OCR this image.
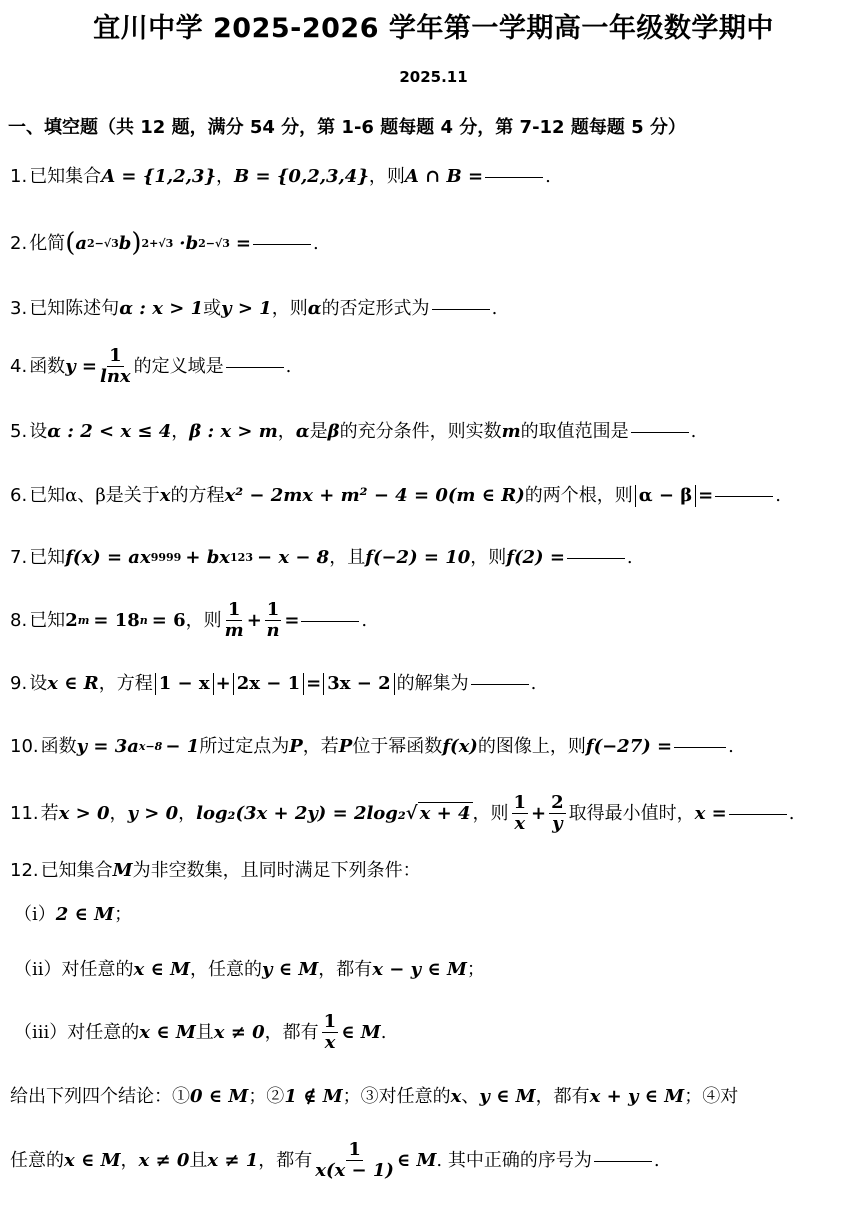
宜川中学 2025-2026 学年第一学期高一年级数学期中
2025.11
一、填空题（共 12 题，满分 54 分，第 1-6 题每题 4 分，第 7-12 题每题 5 分）
1. 已知集合 A = {1,2,3} ， B = {0,2,3,4} ，则 A ∩ B =	.
2. 化简 ( a 2−√3 b ) 2+√3 ·b 2−√3 =	.
3. 已知陈述句 α : x > 1 或 y > 1 ，则 α 的否定形式为	.
4. 函数 $y = \frac{1}{\ln x}$ 的定义域是	.
5. 设 α : 2 < x ≤ 4 ， β : x > m ， α 是 β 的充分条件，则实数 m 的取值范围是	.
6. 已知α、β是关于 x 的方程 x² − 2mx + m² − 4 = 0(m ∈ R) 的两个根，则 α − β =	.
7. 已知 f(x) = ax 9999 + bx 123 − x − 8 ，且 f(−2) = 10 ，则 f(2) =	.
8. 已知 2 m = 18 n = 6 ，则 $\frac{1}{m} + \frac{1}{n}$ =	.
9. 设 x ∈ R ，方程 1 − x + 2x − 1 = 3x − 2 的解集为	.
10. 函数 y = 3a x−8 − 1 所过定点为 P ，若 P 位于幂函数 f(x) 的图像上，则 f(−27) =	.
11. 若 x > 0 ， y > 0 ， log₂(3x + 2y) = 2log₂ √ x + 4 ，则 $\frac{1}{x} + \frac{2}{y}$ 取得最小值时， x =	.
12. 已知集合 M 为非空数集，且同时满足下列条件：
（ⅰ） 2 ∈ M ；
（ⅱ） 对任意的 x ∈ M ，任意的 y ∈ M ，都有 x − y ∈ M ；
（ⅲ） 对任意的 x ∈ M 且 x ≠ 0 ，都有 $\frac{1}{x}$ ∈ M .
给出下列四个结论：① 0 ∈ M ；② 1 ∉ M ；③对任意的 x 、 y ∈ M ，都有 x + y ∈ M ；④对
任意的 x ∈ M ， x ≠ 0 且 x ≠ 1 ，都有 $\frac{1}{x(x - 1)}$ ∈ M . 其中正确的序号为	.
